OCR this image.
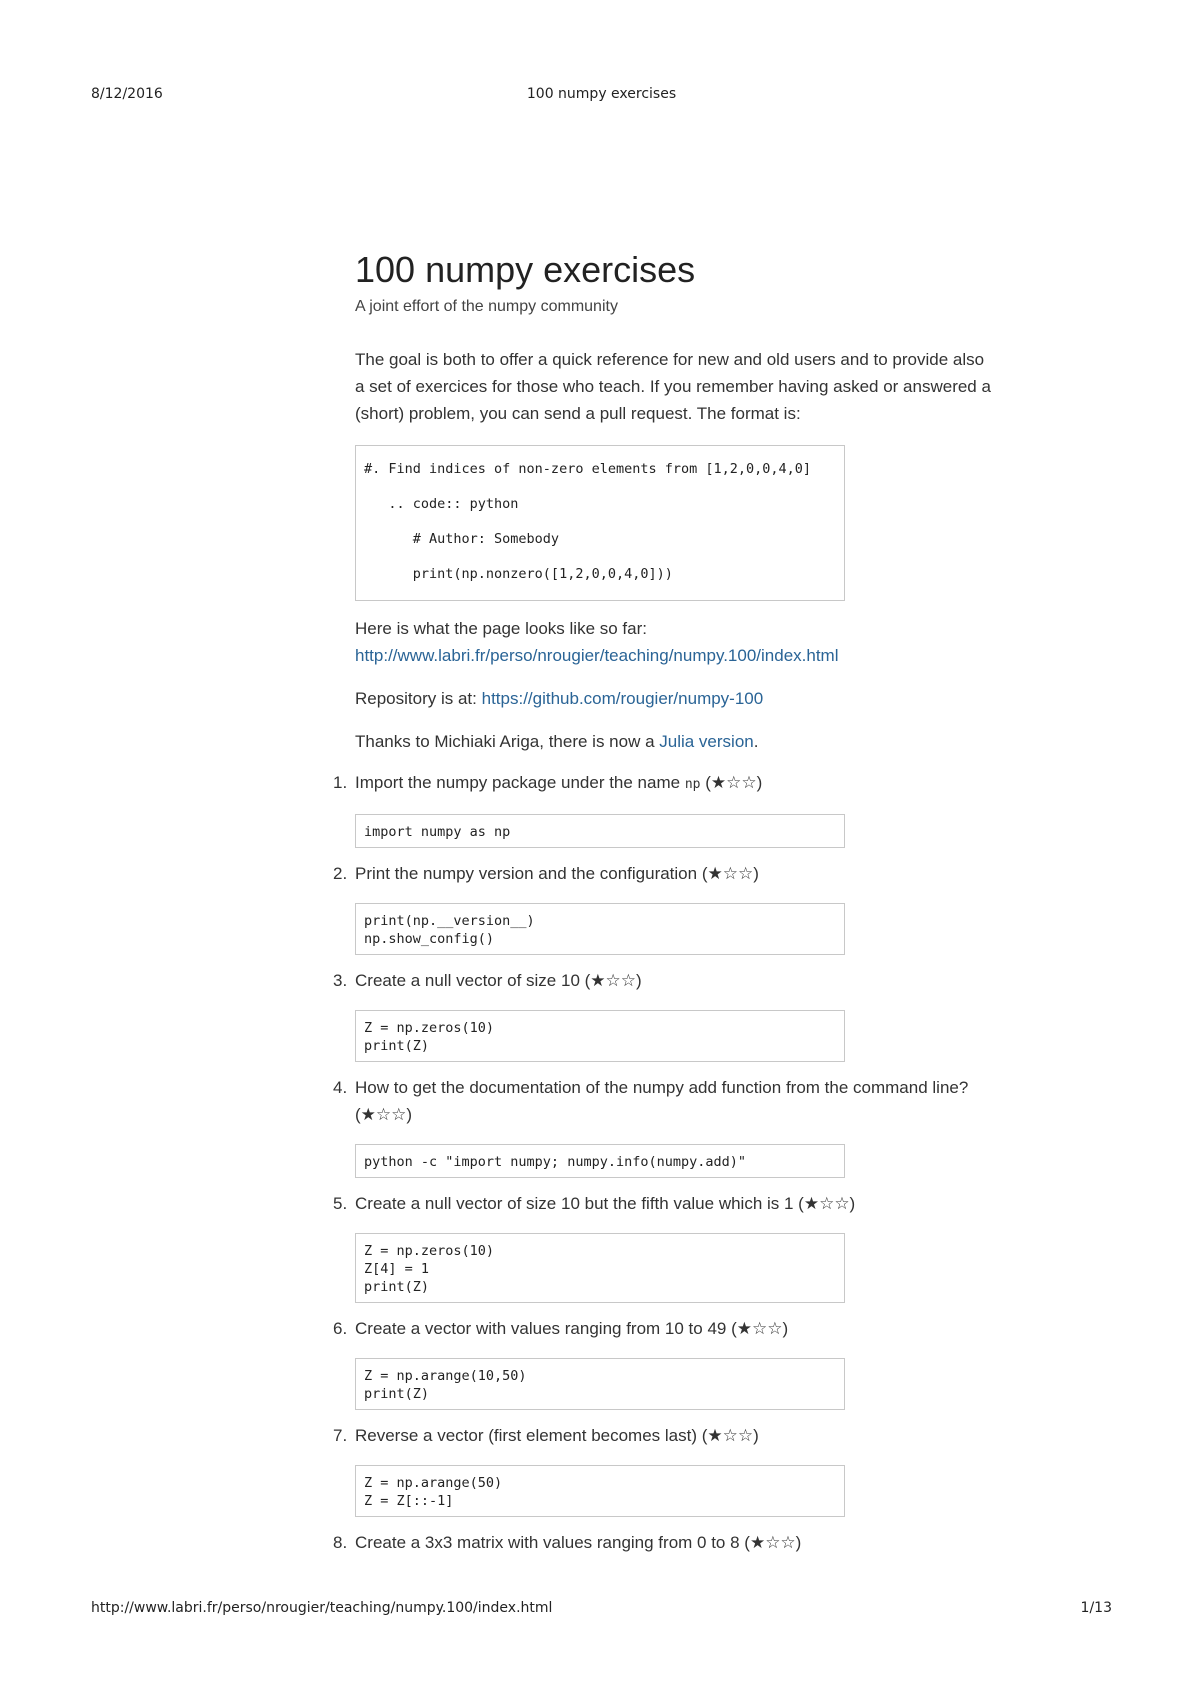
8/12/2016	100 numpy exercises
100 numpy exercises

A joint effort of the numpy community

The goal is both to offer a quick reference for new and old users and to provide also a set of exercices for those who teach. If you remember having asked or answered a (short) problem, you can send a pull request. The format is:

#. Find indices of non-zero elements from [1,2,0,0,4,0]
.. code:: python
# Author: Somebody
print(np.nonzero([1,2,0,0,4,0]))

Here is what the page looks like so far:
http://www.labri.fr/perso/nrougier/teaching/numpy.100/index.html

Repository is at: https://github.com/rougier/numpy-100

Thanks to Michiaki Ariga, there is now a Julia version.

1. Import the numpy package under the name np (★☆☆)
import numpy as np
2. Print the numpy version and the configuration (★☆☆)
print(np.__version__)
np.show_config()
3. Create a null vector of size 10 (★☆☆)
Z = np.zeros(10)
print(Z)
4. How to get the documentation of the numpy add function from the command line? (★☆☆)
python -c "import numpy; numpy.info(numpy.add)"
5. Create a null vector of size 10 but the fifth value which is 1 (★☆☆)
Z = np.zeros(10)
Z[4] = 1
print(Z)
6. Create a vector with values ranging from 10 to 49 (★☆☆)
Z = np.arange(10,50)
print(Z)
7. Reverse a vector (first element becomes last) (★☆☆)
Z = np.arange(50)
Z = Z[::-1]
8. Create a 3x3 matrix with values ranging from 0 to 8 (★☆☆)
http://www.labri.fr/perso/nrougier/teaching/numpy.100/index.html	1/13
